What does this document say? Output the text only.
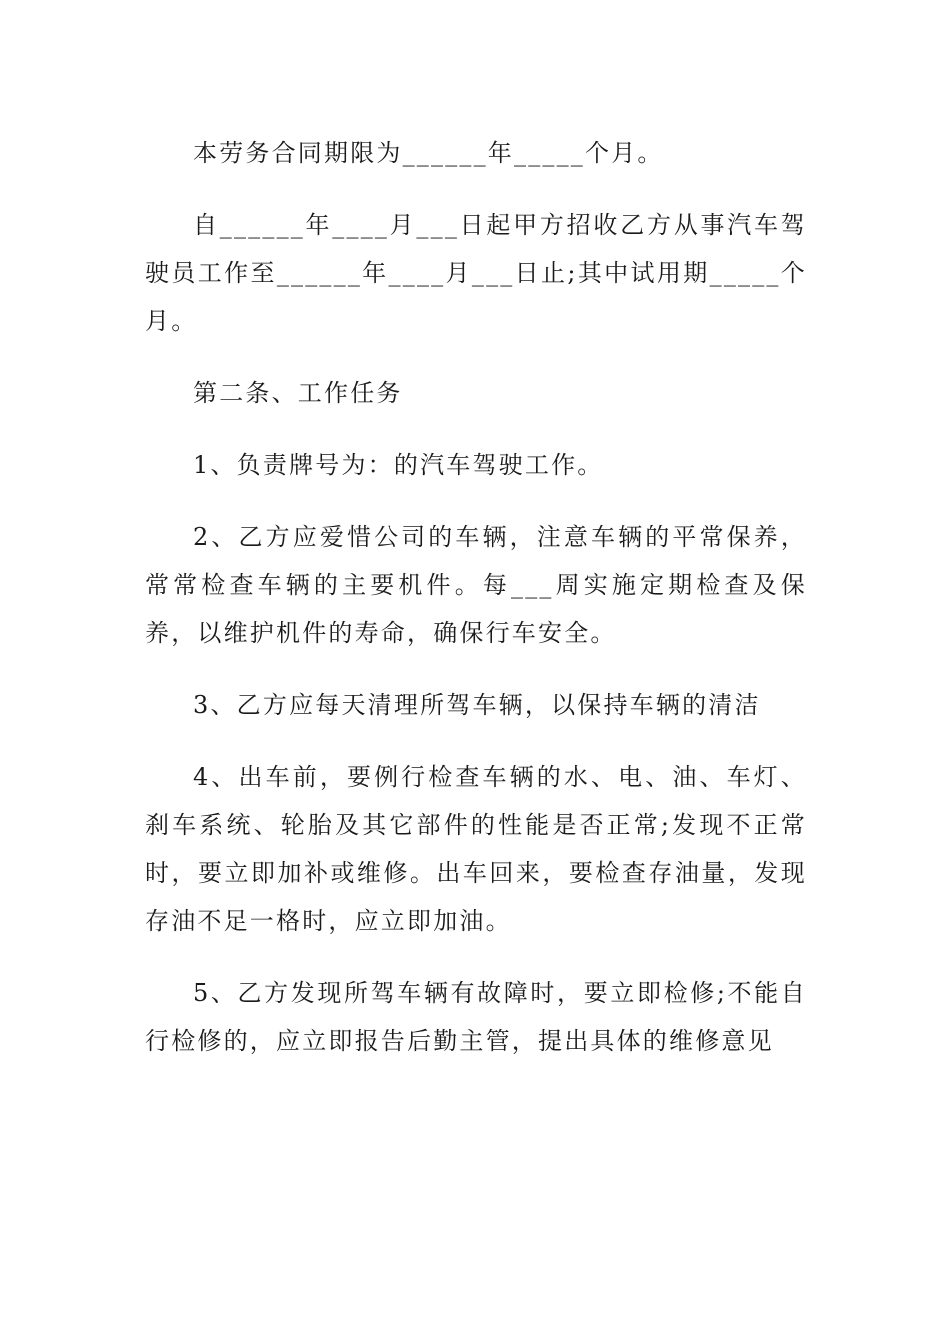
本劳务合同期限为______年_____个月。

自______年____月___日起甲方招收乙方从事汽车驾驶员工作至______年____月___日止;其中试用期_____个月。

第二条、工作任务

1、负责牌号为：的汽车驾驶工作。

2、乙方应爱惜公司的车辆，注意车辆的平常保养，常常检查车辆的主要机件。每___周实施定期检查及保养，以维护机件的寿命，确保行车安全。

3、乙方应每天清理所驾车辆，以保持车辆的清洁

4、出车前，要例行检查车辆的水、电、油、车灯、刹车系统、轮胎及其它部件的性能是否正常;发现不正常时，要立即加补或维修。出车回来，要检查存油量，发现存油不足一格时，应立即加油。

5、乙方发现所驾车辆有故障时，要立即检修;不能自行检修的，应立即报告后勤主管，提出具体的维修意见
